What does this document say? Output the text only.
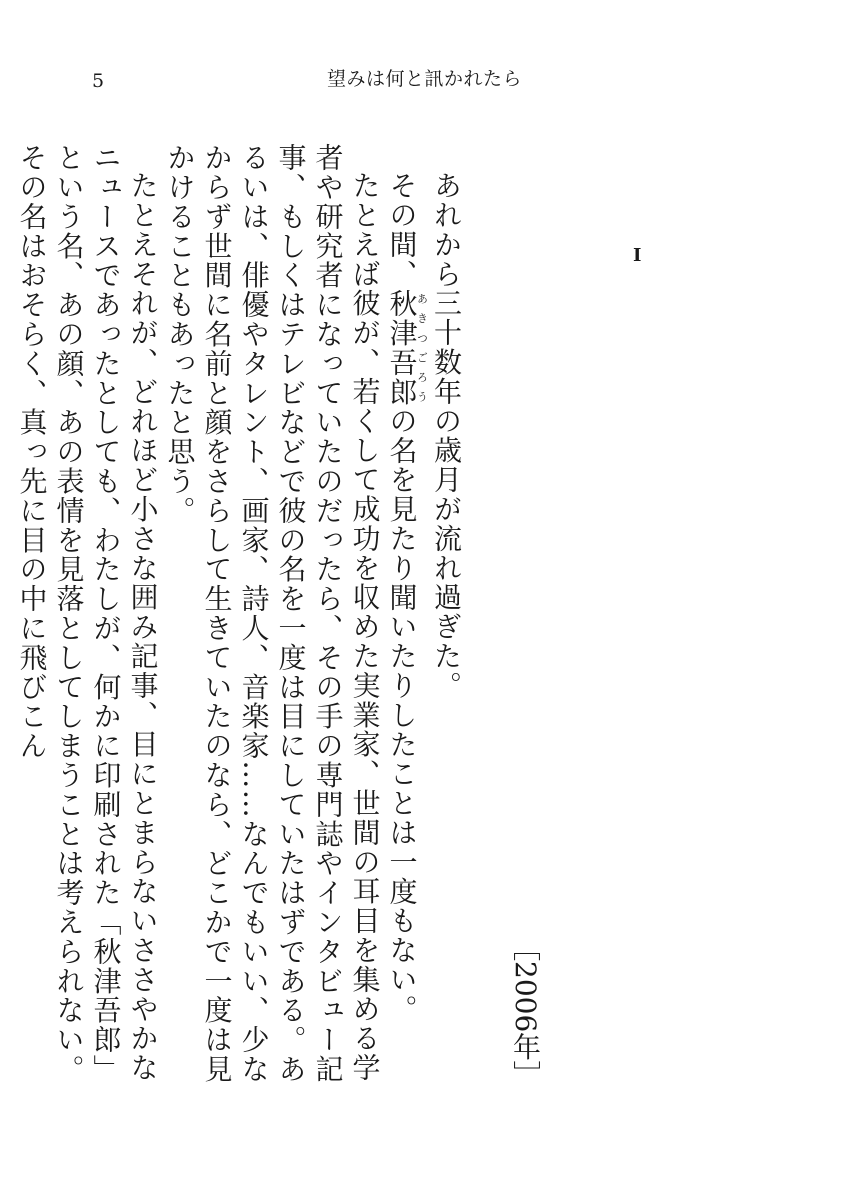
5	望みは何と訊かれたら
I
［2006年］

あれから三十数年の歳月が流れ過ぎた。

その間、秋津吾郎あきつごろうの名を見たり聞いたりしたことは一度もない。

たとえば彼が、若くして成功を収めた実業家、世間の耳目を集める学者や研究者になっていたのだったら、その手の専門誌やインタビュー記事、もしくはテレビなどで彼の名を一度は目にしていたはずである。あるいは、俳優やタレント、画家、詩人、音楽家……なんでもいい、少なからず世間に名前と顔をさらして生きていたのなら、どこかで一度は見かけることもあったと思う。

たとえそれが、どれほど小さな囲み記事、目にとまらないささやかなニュースであったとしても、わたしが、何かに印刷された「秋津吾郎」という名、あの顔、あの表情を見落としてしまうことは考えられない。その名はおそらく、真っ先に目の中に飛びこん
